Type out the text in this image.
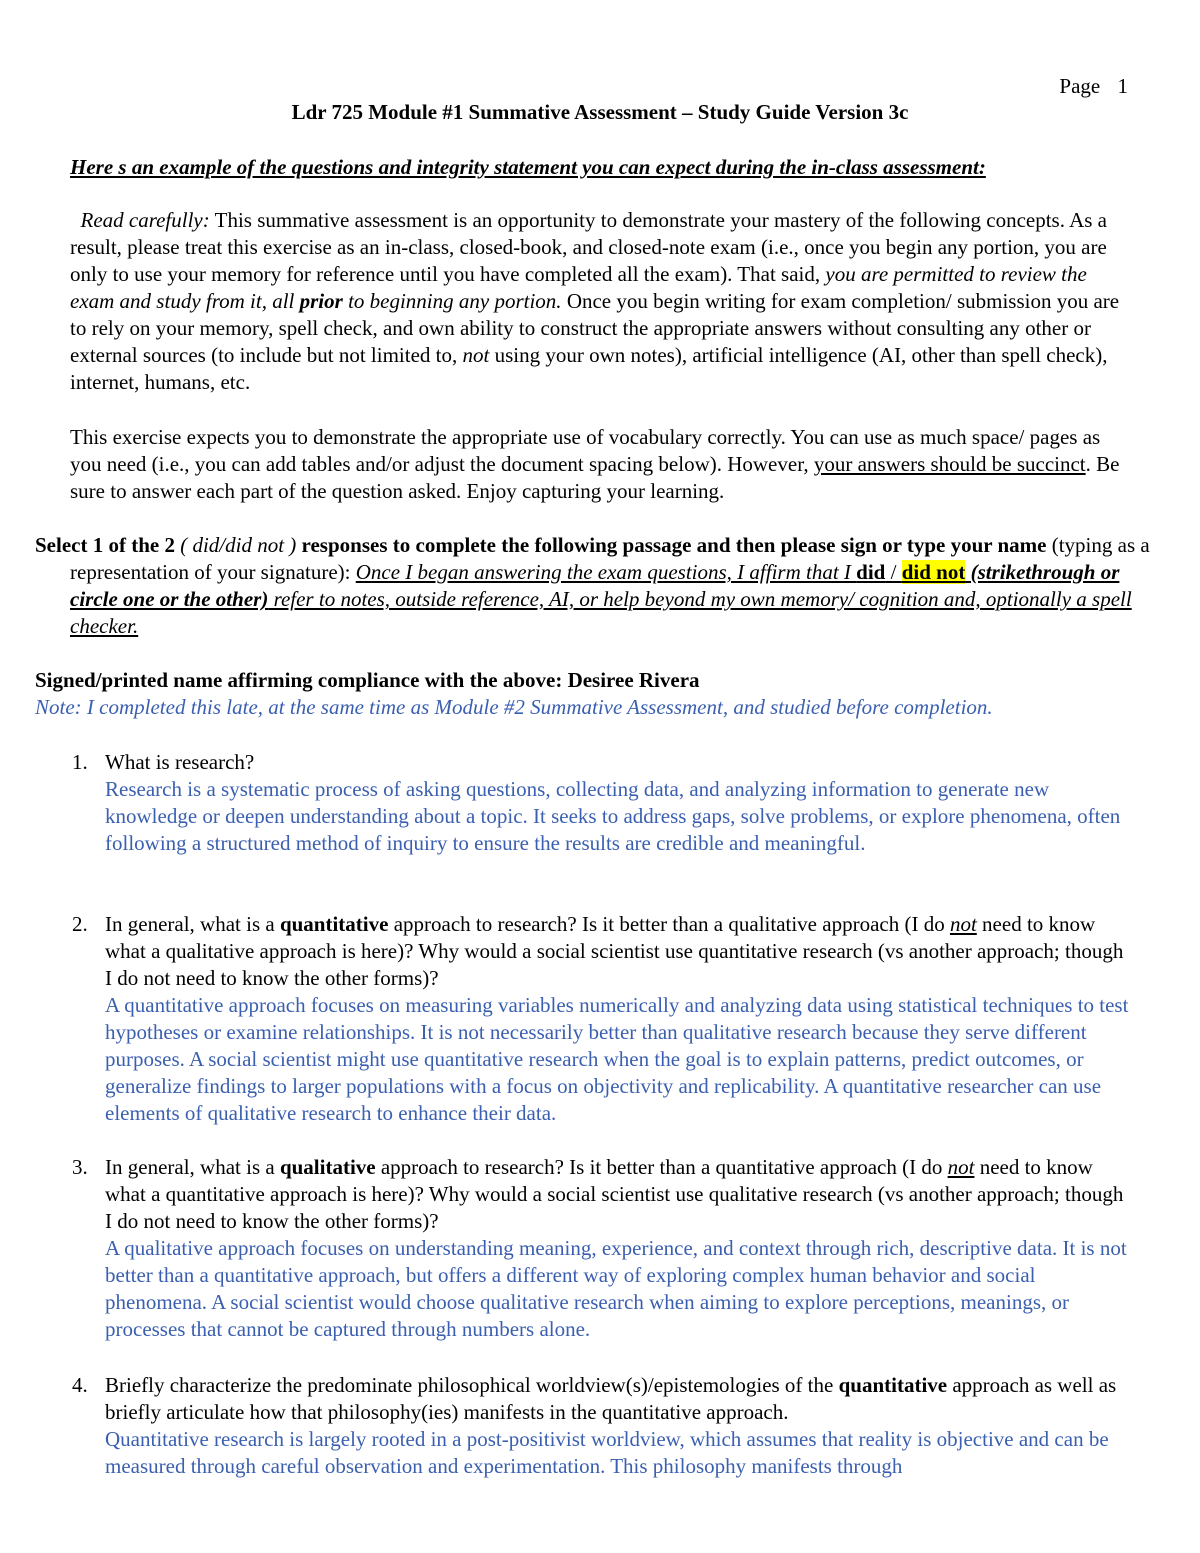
Page 1
Ldr 725 Module #1 Summative Assessment – Study Guide Version 3c

Here s an example of the questions and integrity statement you can expect during the in-class assessment:

Read carefully: This summative assessment is an opportunity to demonstrate your mastery of the following concepts. As a result, please treat this exercise as an in-class, closed-book, and closed-note exam (i.e., once you begin any portion, you are only to use your memory for reference until you have completed all the exam). That said, you are permitted to review the exam and study from it, all prior to beginning any portion. Once you begin writing for exam completion/ submission you are to rely on your memory, spell check, and own ability to construct the appropriate answers without consulting any other or external sources (to include but not limited to, not using your own notes), artificial intelligence (AI, other than spell check), internet, humans, etc.

This exercise expects you to demonstrate the appropriate use of vocabulary correctly. You can use as much space/ pages as you need (i.e., you can add tables and/or adjust the document spacing below). However, your answers should be succinct. Be sure to answer each part of the question asked. Enjoy capturing your learning.

Select 1 of the 2 ( did/did not ) responses to complete the following passage and then please sign or type your name (typing as a representation of your signature): Once I began answering the exam questions, I affirm that I did / did not (strikethrough or circle one or the other) refer to notes, outside reference, AI, or help beyond my own memory/ cognition and, optionally a spell checker.

Signed/printed name affirming compliance with the above: Desiree Rivera

Note: I completed this late, at the same time as Module #2 Summative Assessment, and studied before completion.

1. What is research?

Research is a systematic process of asking questions, collecting data, and analyzing information to generate new knowledge or deepen understanding about a topic. It seeks to address gaps, solve problems, or explore phenomena, often following a structured method of inquiry to ensure the results are credible and meaningful.

2. In general, what is a quantitative approach to research? Is it better than a qualitative approach (I do not need to know what a qualitative approach is here)? Why would a social scientist use quantitative research (vs another approach; though I do not need to know the other forms)?

A quantitative approach focuses on measuring variables numerically and analyzing data using statistical techniques to test hypotheses or examine relationships. It is not necessarily better than qualitative research because they serve different purposes. A social scientist might use quantitative research when the goal is to explain patterns, predict outcomes, or generalize findings to larger populations with a focus on objectivity and replicability. A quantitative researcher can use elements of qualitative research to enhance their data.

3. In general, what is a qualitative approach to research? Is it better than a quantitative approach (I do not need to know what a quantitative approach is here)? Why would a social scientist use qualitative research (vs another approach; though I do not need to know the other forms)?

A qualitative approach focuses on understanding meaning, experience, and context through rich, descriptive data. It is not better than a quantitative approach, but offers a different way of exploring complex human behavior and social phenomena. A social scientist would choose qualitative research when aiming to explore perceptions, meanings, or processes that cannot be captured through numbers alone.

4. Briefly characterize the predominate philosophical worldview(s)/epistemologies of the quantitative approach as well as briefly articulate how that philosophy(ies) manifests in the quantitative approach.

Quantitative research is largely rooted in a post-positivist worldview, which assumes that reality is objective and can be measured through careful observation and experimentation. This philosophy manifests through
